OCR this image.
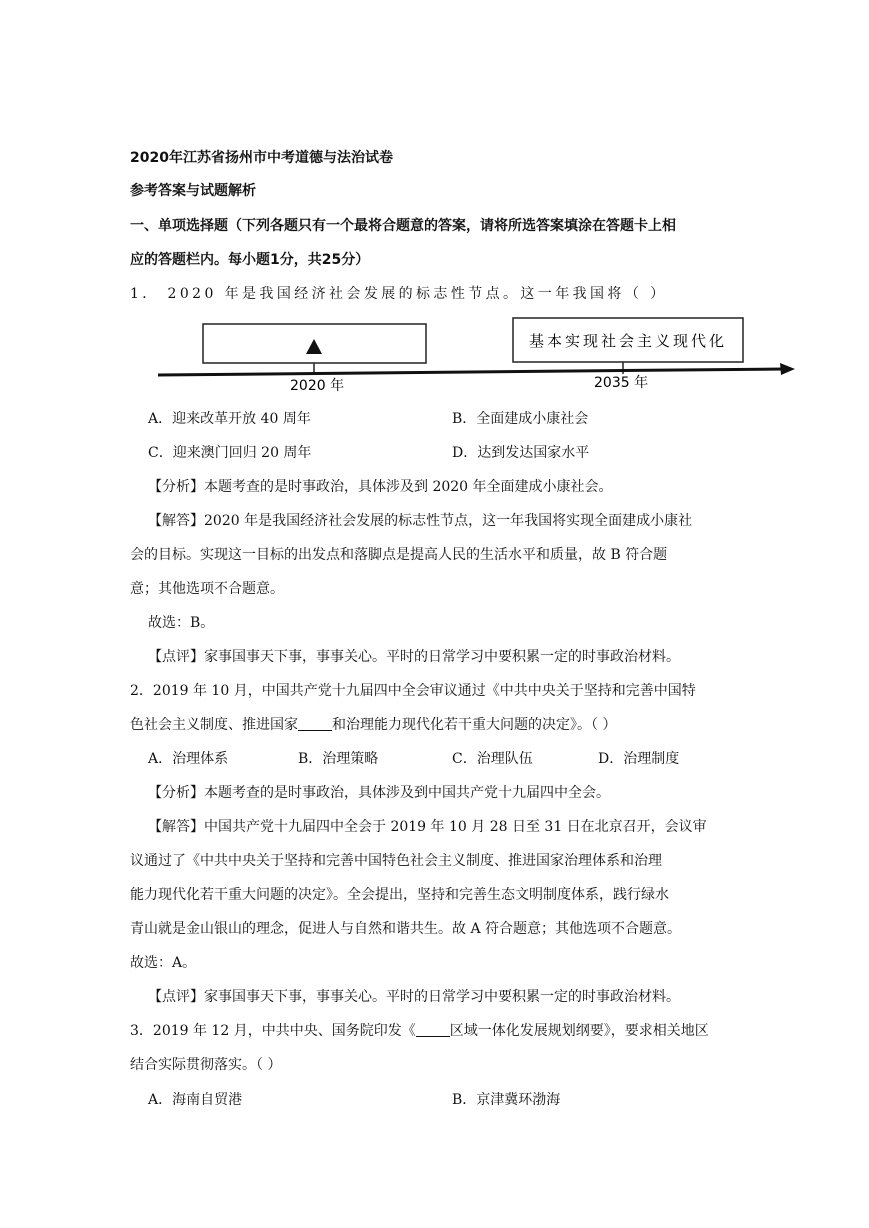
2020年江苏省扬州市中考道德与法治试卷
参考答案与试题解析
一、单项选择题（下列各题只有一个最将合题意的答案，请将所选答案填涂在答题卡上相
应的答题栏内。每小题1分，共25分）
1． 2020 年是我国经济社会发展的标志性节点。这一年我国将（ ）
基本实现社会主义现代化
2020 年	2035 年
A．迎来改革开放 40 周年	B．全面建成小康社会
C．迎来澳门回归 20 周年	D．达到发达国家水平
【分析】本题考查的是时事政治，具体涉及到 2020 年全面建成小康社会。
【解答】2020 年是我国经济社会发展的标志性节点，这一年我国将实现全面建成小康社
会的目标。实现这一目标的出发点和落脚点是提高人民的生活水平和质量，故 B 符合题
意；其他选项不合题意。
故选：B。
【点评】家事国事天下事，事事关心。平时的日常学习中要积累一定的时事政治材料。
2．2019 年 10 月，中国共产党十九届四中全会审议通过《中共中央关于坚持和完善中国特
色社会主义制度、推进国家 和治理能力现代化若干重大问题的决定》。（ ）
A．治理体系	B．治理策略	C．治理队伍	D．治理制度
【分析】本题考查的是时事政治，具体涉及到中国共产党十九届四中全会。
【解答】中国共产党十九届四中全会于 2019 年 10 月 28 日至 31 日在北京召开，会议审
议通过了《中共中央关于坚持和完善中国特色社会主义制度、推进国家治理体系和治理
能力现代化若干重大问题的决定》。全会提出，坚持和完善生态文明制度体系，践行绿水
青山就是金山银山的理念，促进人与自然和谐共生。故 A 符合题意；其他选项不合题意。
故选：A。
【点评】家事国事天下事，事事关心。平时的日常学习中要积累一定的时事政治材料。
3．2019 年 12 月，中共中央、国务院印发《 区域一体化发展规划纲要》，要求相关地区
结合实际贯彻落实。（ ）
A．海南自贸港	B．京津冀环渤海
